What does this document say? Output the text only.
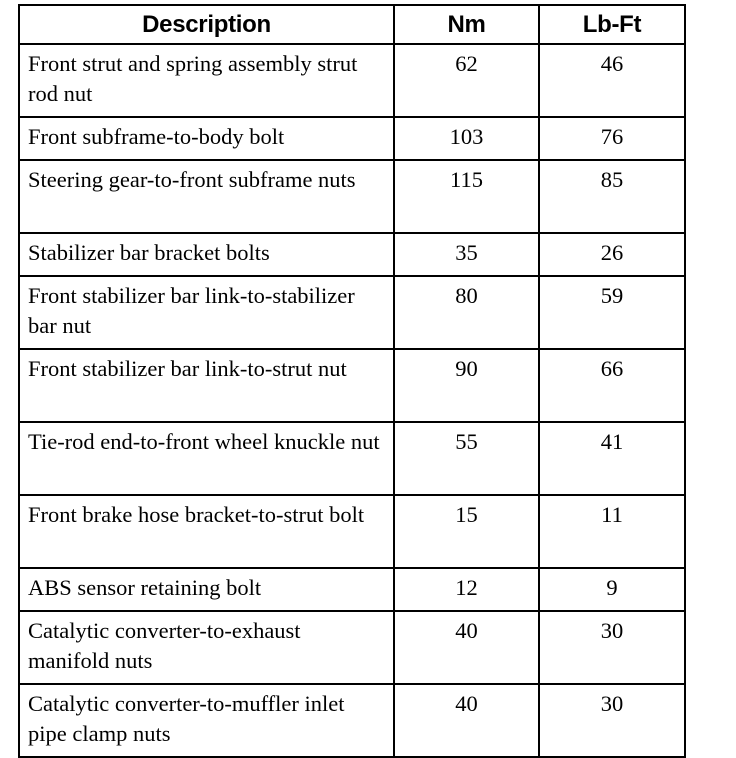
Description	Nm	Lb-Ft
Front strut and spring assembly strut rod nut	62	46
Front subframe-to-body bolt	103	76
Steering gear-to-front subframe nuts	115	85
Stabilizer bar bracket bolts	35	26
Front stabilizer bar link-to-stabilizer bar nut	80	59
Front stabilizer bar link-to-strut nut	90	66
Tie-rod end-to-front wheel knuckle nut	55	41
Front brake hose bracket-to-strut bolt	15	11
ABS sensor retaining bolt	12	9
Catalytic converter-to-exhaust manifold nuts	40	30
Catalytic converter-to-muffler inlet pipe clamp nuts	40	30
